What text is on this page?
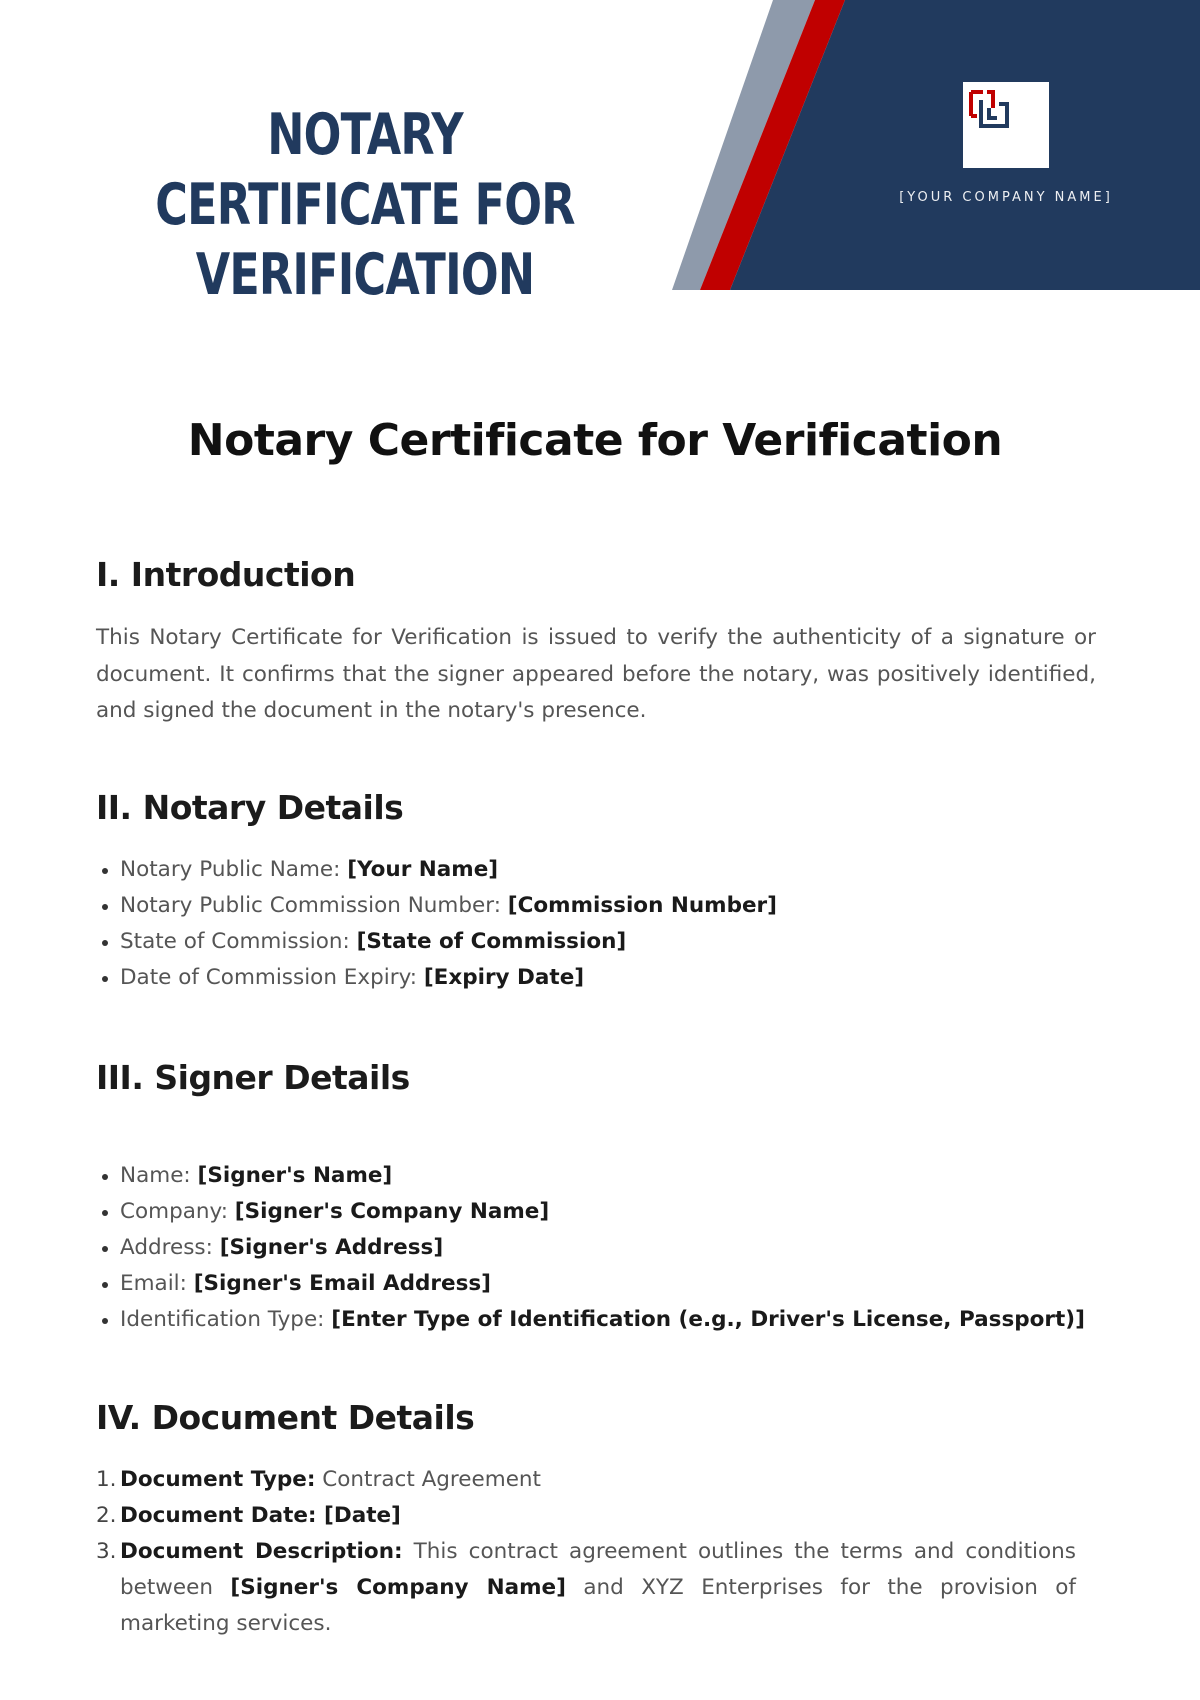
NOTARY CERTIFICATE FOR VERIFICATION
[YOUR COMPANY NAME]
Notary Certificate for Verification
I. Introduction

This Notary Certificate for Verification is issued to verify the authenticity of a signature or document. It confirms that the signer appeared before the notary, was positively identified, and signed the document in the notary's presence.

II. Notary Details
Notary Public Name: [Your Name]
Notary Public Commission Number: [Commission Number]
State of Commission: [State of Commission]
Date of Commission Expiry: [Expiry Date]
III. Signer Details
Name: [Signer's Name]
Company: [Signer's Company Name]
Address: [Signer's Address]
Email: [Signer's Email Address]
Identification Type: [Enter Type of Identification (e.g., Driver's License, Passport)]
IV. Document Details
1. Document Type: Contract Agreement
2. Document Date: [Date]
3. Document Description: This contract agreement outlines the terms and conditions between [Signer's Company Name] and XYZ Enterprises for the provision of marketing services.
